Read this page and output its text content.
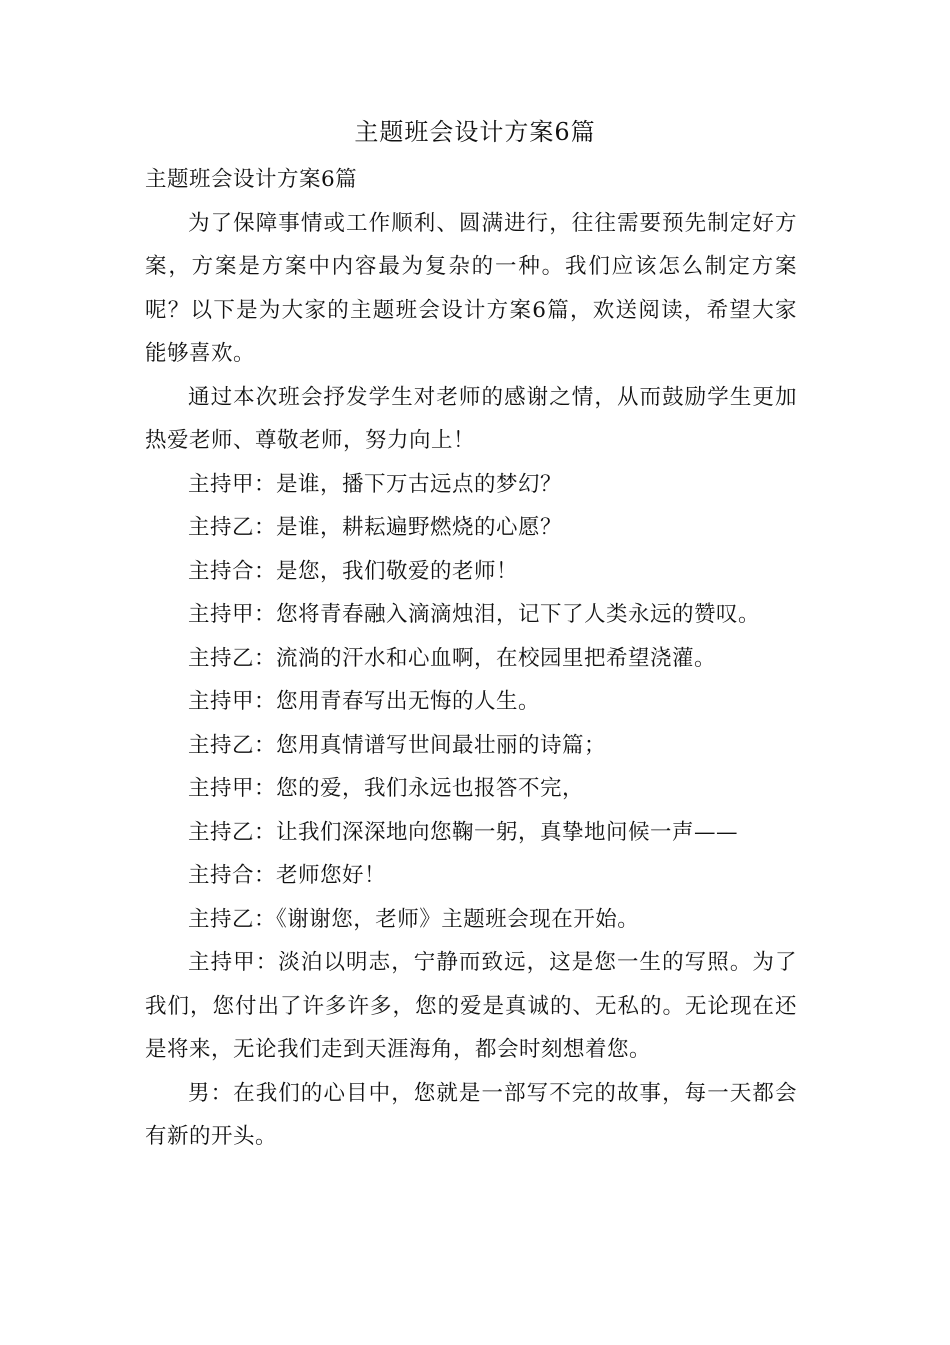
主题班会设计方案6篇

主题班会设计方案6篇

为了保障事情或工作顺利、圆满进行，往往需要预先制定好方案，方案是方案中内容最为复杂的一种。我们应该怎么制定方案呢？以下是为大家的主题班会设计方案6篇，欢送阅读，希望大家能够喜欢。

通过本次班会抒发学生对老师的感谢之情，从而鼓励学生更加热爱老师、尊敬老师，努力向上！

主持甲：是谁，播下万古远点的梦幻？

主持乙：是谁，耕耘遍野燃烧的心愿？

主持合：是您，我们敬爱的老师！

主持甲：您将青春融入滴滴烛泪，记下了人类永远的赞叹。

主持乙：流淌的汗水和心血啊，在校园里把希望浇灌。

主持甲：您用青春写出无悔的人生。

主持乙：您用真情谱写世间最壮丽的诗篇；

主持甲：您的爱，我们永远也报答不完，

主持乙：让我们深深地向您鞠一躬，真挚地问候一声——

主持合：老师您好！

主持乙：《谢谢您，老师》主题班会现在开始。

主持甲：淡泊以明志，宁静而致远，这是您一生的写照。为了我们，您付出了许多许多，您的爱是真诚的、无私的。无论现在还是将来，无论我们走到天涯海角，都会时刻想着您。

男：在我们的心目中，您就是一部写不完的故事，每一天都会有新的开头。
